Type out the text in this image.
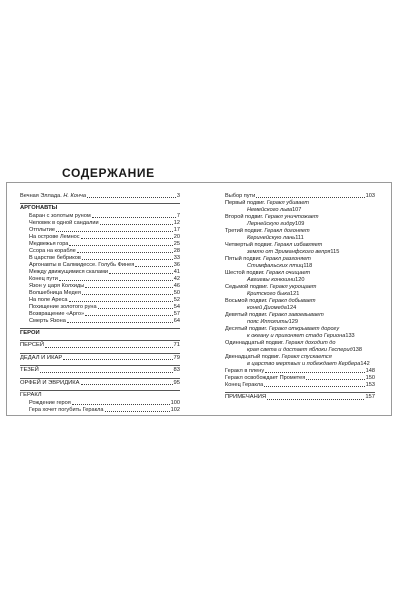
СОДЕРЖАНИЕ
Вечная Эллада. Н. Конча	3
АРГОНАВТЫ
Баран с золотым руном	7
Человек в одной сандалии	12
Отплытие	17
На острове Лемнос	20
Медвежья гора	25
Ссора на корабле	28
В царстве бебриков	33
Аргонавты в Салмидессе. Голубь Финея	36
Между движущимися скалами	41
Конец пути	42
Язон у царя Колхиды	46
Волшебница Медея	50
На поле Ареса	52
Похищение золотого руна	54
Возвращение «Арго»	57
Смерть Язона	64
ГЕРОИ
ПЕРСЕЙ	71
ДЕДАЛ И ИКАР	79
ТЕЗЕЙ	83
ОРФЕЙ И ЭВРИДИКА	95
ГЕРАКЛ
Рождение героя	100
Гера хочет погубить Геракла	102
Выбор пути	103
Первый подвиг. Геракл убивает
Немейского льва 107
Второй подвиг. Геракл уничтожает
Лернейскую гидру 109
Третий подвиг. Геракл догоняет
Керинейскую лань 111
Четвертый подвиг. Геракл избавляет
землю от Эриманфского вепря 115
Пятый подвиг. Геракл разгоняет
Стимфальских птиц 118
Шестой подвиг. Геракл очищает
Авгиевы конюшни 120
Седьмой подвиг. Геракл укрощает
Критского быка 121
Восьмой подвиг. Геракл добывает
коней Диомеда 124
Девятый подвиг. Геракл завоевывает
пояс Ипполиты 129
Десятый подвиг. Геракл открывает дорогу
к океану и пригоняет стадо Гериона 133
Одиннадцатый подвиг. Геракл доходит до
края света и достает яблоки Гесперид 138
Двенадцатый подвиг. Геракл спускается
в царство мертвых и побеждает Кербера 142
Геракл в плену	148
Геракл освобождает Прометея	150
Конец Геракла	153
ПРИМЕЧАНИЯ	157
